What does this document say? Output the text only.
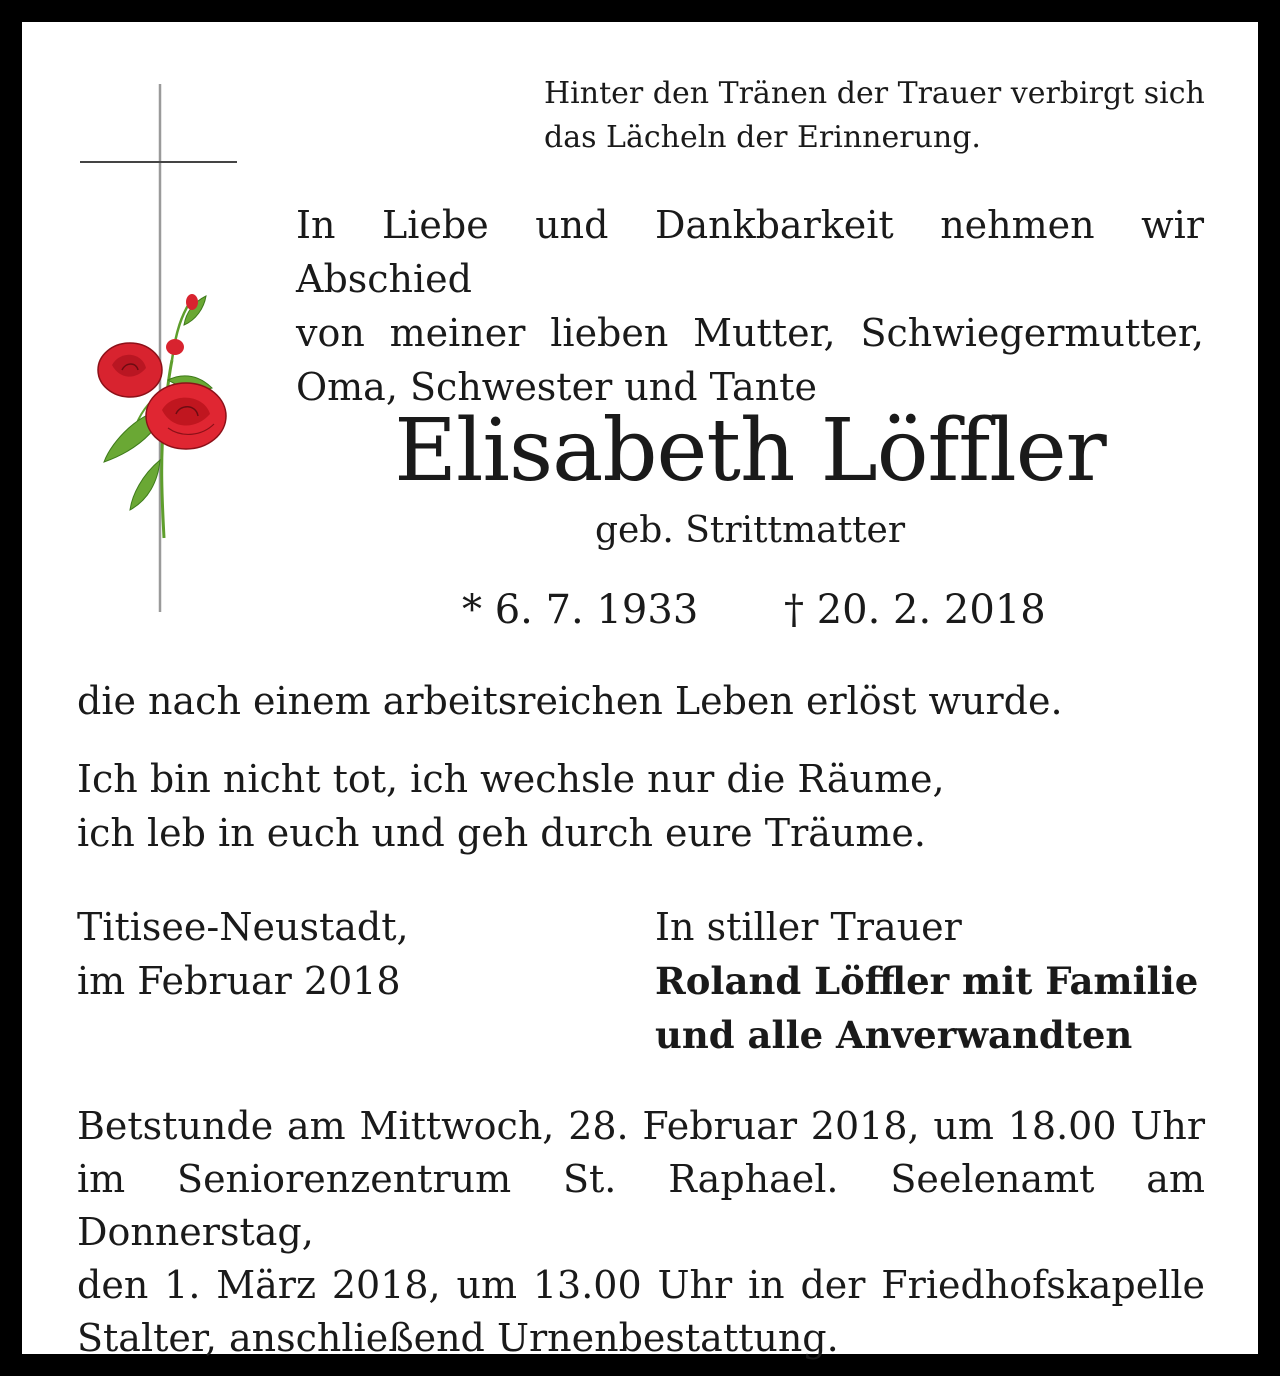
Hinter den Tränen der Trauer verbirgt sich
das Lächeln der Erinnerung.

In Liebe und Dankbarkeit nehmen wir Abschied
von meiner lieben Mutter, Schwiegermutter,
Oma, Schwester und Tante

Elisabeth Löffler

geb. Strittmatter

* 6. 7. 1933 † 20. 2. 2018

die nach einem arbeitsreichen Leben erlöst wurde.

Ich bin nicht tot, ich wechsle nur die Räume,
ich leb in euch und geh durch eure Träume.

Titisee-Neustadt,
im Februar 2018

In stiller Trauer
Roland Löffler mit Familie
und alle Anverwandten

Betstunde am Mittwoch, 28. Februar 2018, um 18.00 Uhr
im Seniorenzentrum St. Raphael. Seelenamt am Donnerstag,
den 1. März 2018, um 13.00 Uhr in der Friedhofskapelle
Stalter, anschließend Urnenbestattung.
